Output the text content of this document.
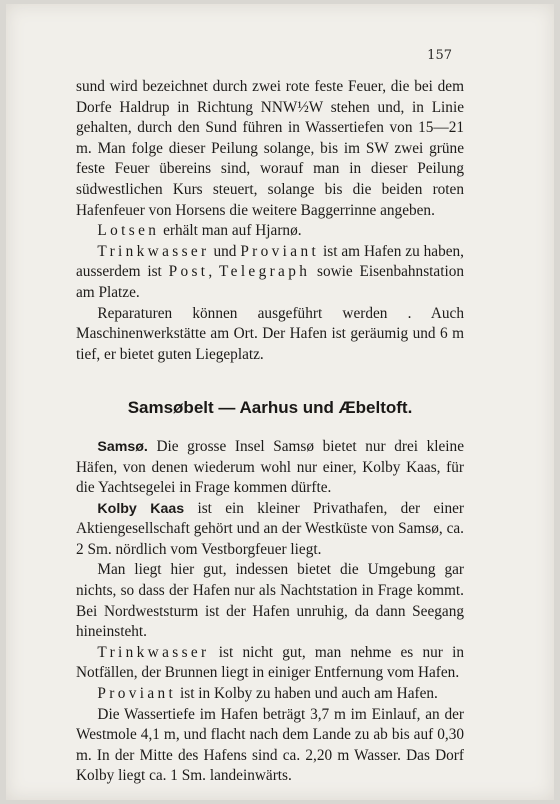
157

sund wird bezeichnet durch zwei rote feste Feuer, die bei dem Dorfe Haldrup in Richtung NNW½W stehen und, in Linie gehalten, durch den Sund führen in Wassertiefen von 15—21 m. Man folge dieser Peilung solange, bis im SW zwei grüne feste Feuer übereins sind, worauf man in dieser Peilung südwestlichen Kurs steuert, solange bis die beiden roten Hafenfeuer von Horsens die weitere Baggerrinne angeben.

Lotsen erhält man auf Hjarnø.

Trinkwasser und Proviant ist am Hafen zu haben, ausserdem ist Post, Telegraph sowie Eisenbahnstation am Platze.

Reparaturen können ausgeführt werden . Auch Maschinenwerkstätte am Ort. Der Hafen ist geräumig und 6 m tief, er bietet guten Liegeplatz.

Samsøbelt — Aarhus und Æbeltoft.

Samsø. Die grosse Insel Samsø bietet nur drei kleine Häfen, von denen wiederum wohl nur einer, Kolby Kaas, für die Yachtsegelei in Frage kommen dürfte.

Kolby Kaas ist ein kleiner Privathafen, der einer Aktiengesellschaft gehört und an der Westküste von Samsø, ca. 2 Sm. nördlich vom Vestborgfeuer liegt.

Man liegt hier gut, indessen bietet die Umgebung gar nichts, so dass der Hafen nur als Nachtstation in Frage kommt. Bei Nordweststurm ist der Hafen unruhig, da dann Seegang hineinsteht.

Trinkwasser ist nicht gut, man nehme es nur in Notfällen, der Brunnen liegt in einiger Entfernung vom Hafen.

Proviant ist in Kolby zu haben und auch am Hafen.

Die Wassertiefe im Hafen beträgt 3,7 m im Einlauf, an der Westmole 4,1 m, und flacht nach dem Lande zu ab bis auf 0,30 m. In der Mitte des Hafens sind ca. 2,20 m Wasser. Das Dorf Kolby liegt ca. 1 Sm. landeinwärts.
